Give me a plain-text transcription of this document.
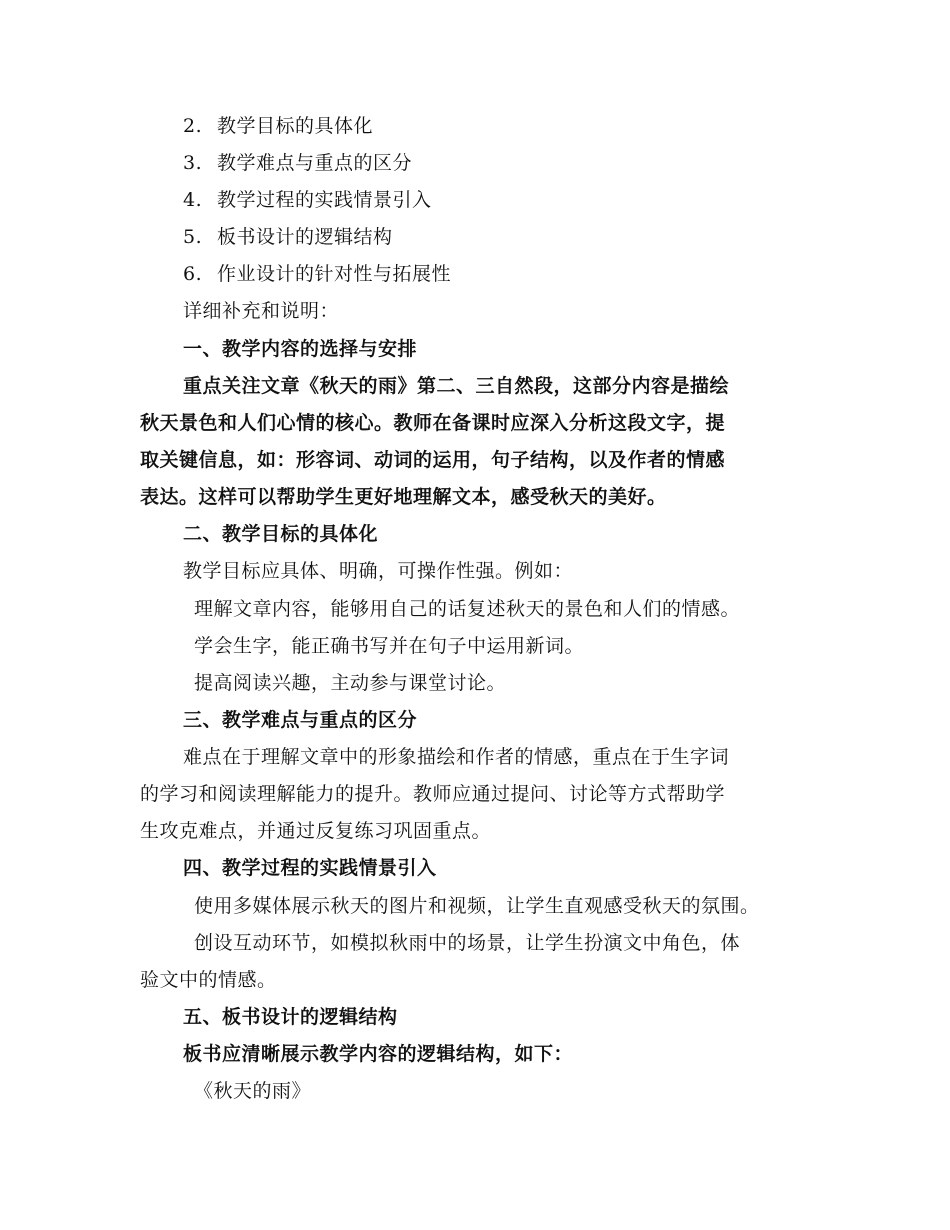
2. 教学目标的具体化
3. 教学难点与重点的区分
4. 教学过程的实践情景引入
5. 板书设计的逻辑结构
6. 作业设计的针对性与拓展性
详细补充和说明：
一、教学内容的选择与安排
重点关注文章《秋天的雨》第二、三自然段，这部分内容是描绘
秋天景色和人们心情的核心。教师在备课时应深入分析这段文字，提
取关键信息，如：形容词、动词的运用，句子结构，以及作者的情感
表达。这样可以帮助学生更好地理解文本，感受秋天的美好。
二、教学目标的具体化
教学目标应具体、明确，可操作性强。例如：
理解文章内容，能够用自己的话复述秋天的景色和人们的情感。
学会生字，能正确书写并在句子中运用新词。
提高阅读兴趣，主动参与课堂讨论。
三、教学难点与重点的区分
难点在于理解文章中的形象描绘和作者的情感，重点在于生字词
的学习和阅读理解能力的提升。教师应通过提问、讨论等方式帮助学
生攻克难点，并通过反复练习巩固重点。
四、教学过程的实践情景引入
使用多媒体展示秋天的图片和视频，让学生直观感受秋天的氛围。
创设互动环节，如模拟秋雨中的场景，让学生扮演文中角色，体
验文中的情感。
五、板书设计的逻辑结构
板书应清晰展示教学内容的逻辑结构，如下：
《秋天的雨》
